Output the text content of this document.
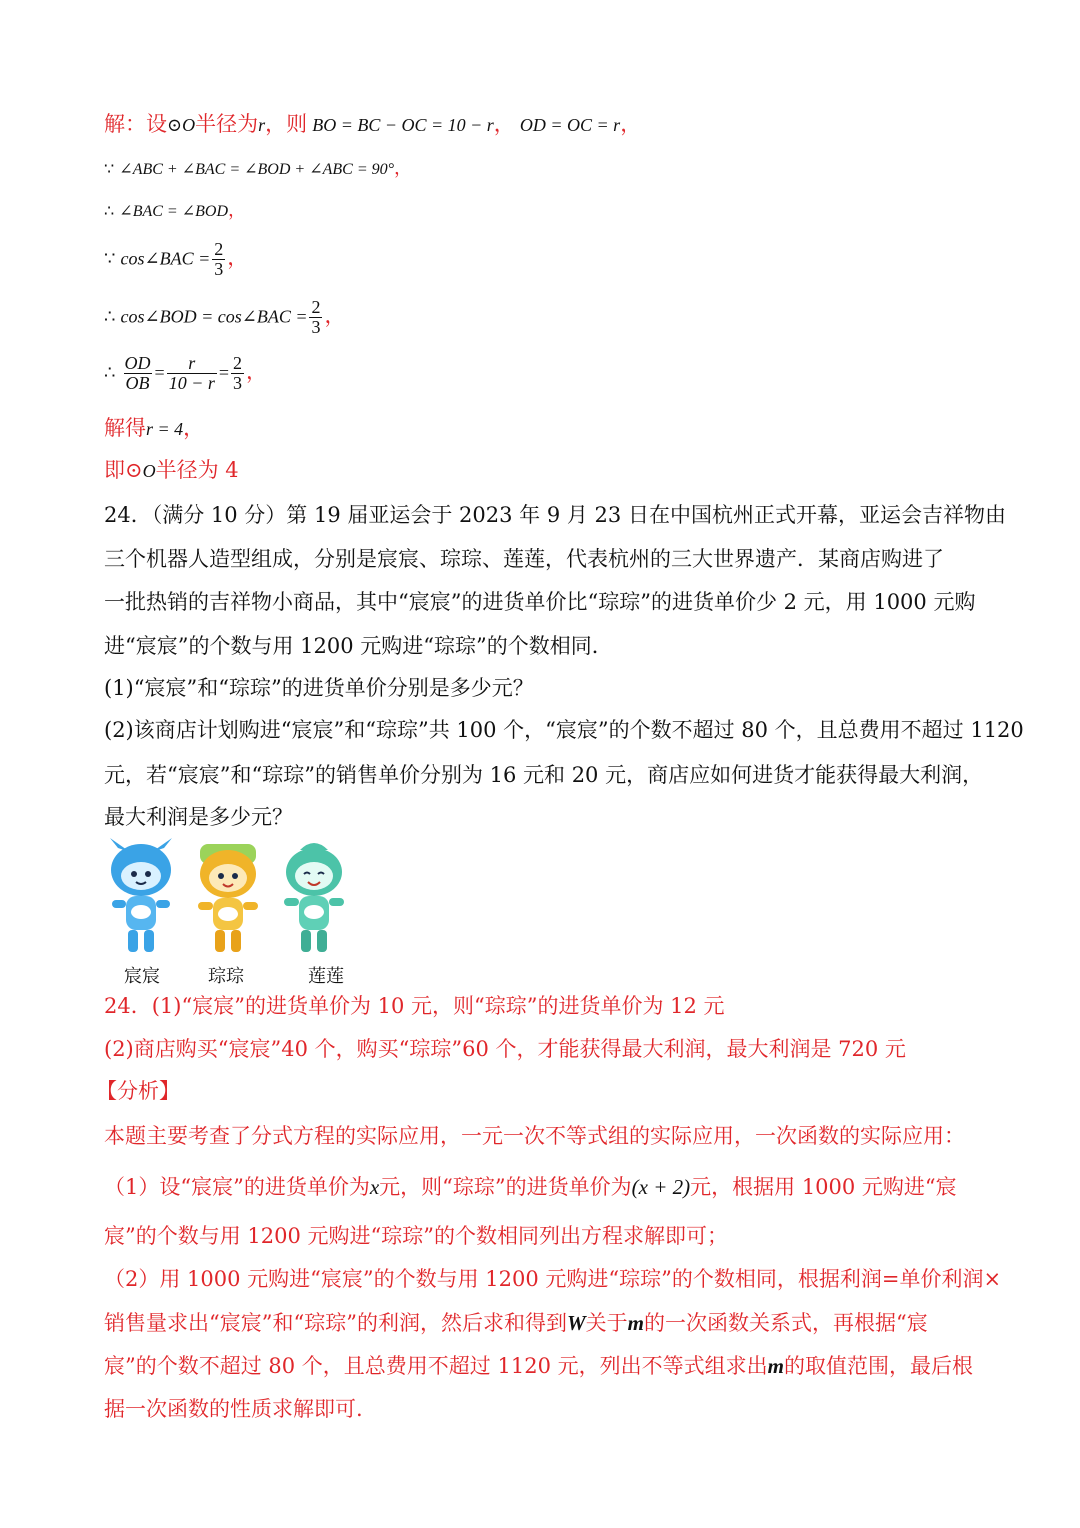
解：设⊙O半径为r，则 BO = BC − OC = 10 − r， OD = OC = r，
∵ ∠ABC + ∠BAC = ∠BOD + ∠ABC = 90°，
∴ ∠BAC = ∠BOD，
∵ cos∠BAC = $\frac{2}{3}$ ，
∴ cos∠BOD = cos∠BAC = $\frac{2}{3}$ ，
∴ $\frac{OD}{OB} = \frac{r}{10 - r} = \frac{2}{3}$ ，
解得r = 4，
即⊙O半径为 4
24．（满分 10 分）第 19 届亚运会于 2023 年 9 月 23 日在中国杭州正式开幕，亚运会吉祥物由
三个机器人造型组成，分别是宸宸、琮琮、莲莲，代表杭州的三大世界遗产．某商店购进了
一批热销的吉祥物小商品，其中“宸宸”的进货单价比“琮琮”的进货单价少 2 元，用 1000 元购
进“宸宸”的个数与用 1200 元购进“琮琮”的个数相同．
(1)“宸宸”和“琮琮”的进货单价分别是多少元？
(2)该商店计划购进“宸宸”和“琮琮”共 100 个，“宸宸”的个数不超过 80 个，且总费用不超过 1120
元，若“宸宸”和“琮琮”的销售单价分别为 16 元和 20 元，商店应如何进货才能获得最大利润，
最大利润是多少元？
宸宸	琮琮	莲莲
24．(1)“宸宸”的进货单价为 10 元，则“琮琮”的进货单价为 12 元
(2)商店购买“宸宸”40 个，购买“琮琮”60 个，才能获得最大利润，最大利润是 720 元
【分析】
本题主要考查了分式方程的实际应用，一元一次不等式组的实际应用，一次函数的实际应用：
（1）设“宸宸”的进货单价为x元，则“琮琮”的进货单价为(x + 2)元，根据用 1000 元购进“宸
宸”的个数与用 1200 元购进“琮琮”的个数相同列出方程求解即可；
（2）用 1000 元购进“宸宸”的个数与用 1200 元购进“琮琮”的个数相同，根据利润=单价利润×
销售量求出“宸宸”和“琮琮”的利润，然后求和得到W关于m的一次函数关系式，再根据“宸
宸”的个数不超过 80 个，且总费用不超过 1120 元，列出不等式组求出m的取值范围，最后根
据一次函数的性质求解即可.
